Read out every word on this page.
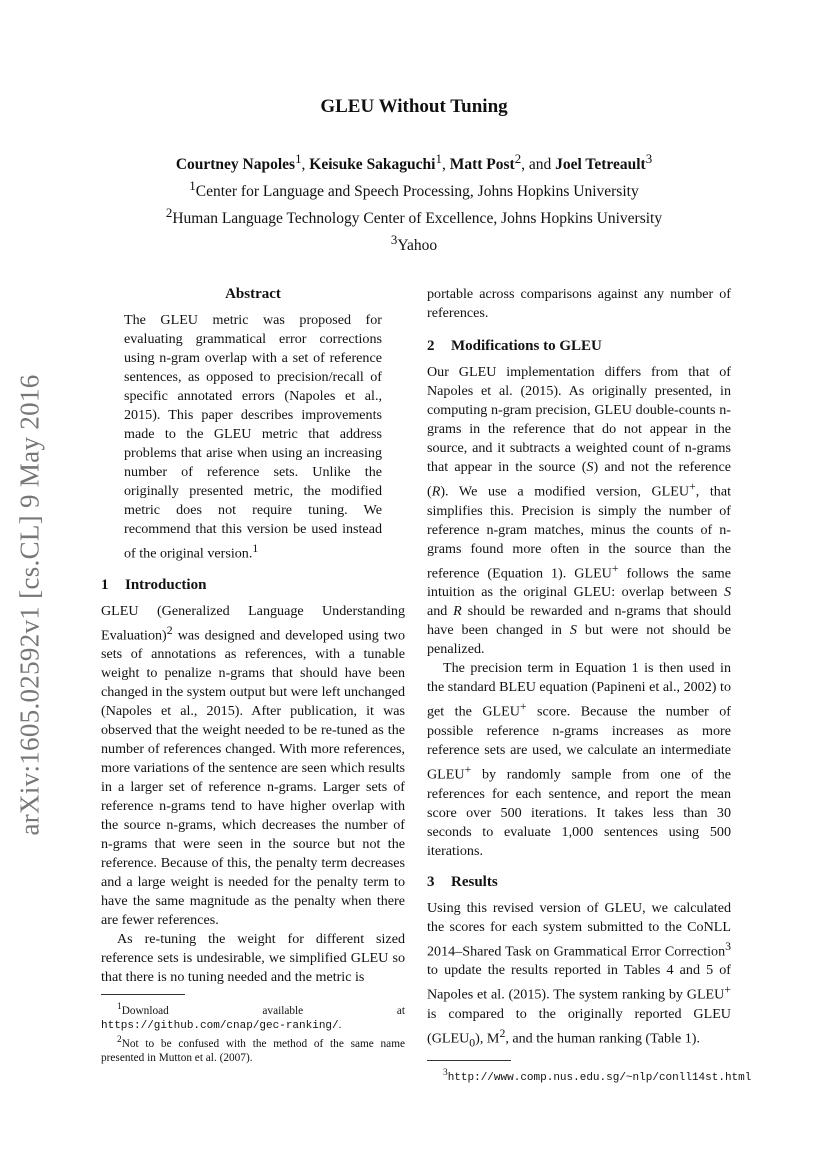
arXiv:1605.02592v1 [cs.CL] 9 May 2016
GLEU Without Tuning
Courtney Napoles$^1$, Keisuke Sakaguchi$^1$, Matt Post$^2$, and Joel Tetreault$^3$
$^1$Center for Language and Speech Processing, Johns Hopkins University
$^2$Human Language Technology Center of Excellence, Johns Hopkins University
$^3$Yahoo
Abstract

The GLEU metric was proposed for evaluating grammatical error corrections using n-gram overlap with a set of reference sentences, as opposed to precision/recall of specific annotated errors (Napoles et al., 2015). This paper describes improvements made to the GLEU metric that address problems that arise when using an increasing number of reference sets. Unlike the originally presented metric, the modified metric does not require tuning. We recommend that this version be used instead of the original version.$^1$

1 Introduction

GLEU (Generalized Language Understanding Evaluation)$^2$ was designed and developed using two sets of annotations as references, with a tunable weight to penalize n-grams that should have been changed in the system output but were left unchanged (Napoles et al., 2015). After publication, it was observed that the weight needed to be re-tuned as the number of references changed. With more references, more variations of the sentence are seen which results in a larger set of reference n-grams. Larger sets of reference n-grams tend to have higher overlap with the source n-grams, which decreases the number of n-grams that were seen in the source but not the reference. Because of this, the penalty term decreases and a large weight is needed for the penalty term to have the same magnitude as the penalty when there are fewer references.

As re-tuning the weight for different sized reference sets is undesirable, we simplified GLEU so that there is no tuning needed and the metric is

$^1$Download available at https://github.com/cnap/gec-ranking/.

$^2$Not to be confused with the method of the same name presented in Mutton et al. (2007).

portable across comparisons against any number of references.

2 Modifications to GLEU

Our GLEU implementation differs from that of Napoles et al. (2015). As originally presented, in computing n-gram precision, GLEU double-counts n-grams in the reference that do not appear in the source, and it subtracts a weighted count of n-grams that appear in the source (S) and not the reference (R). We use a modified version, GLEU+, that simplifies this. Precision is simply the number of reference n-gram matches, minus the counts of n-grams found more often in the source than the reference (Equation 1). GLEU+ follows the same intuition as the original GLEU: overlap between S and R should be rewarded and n-grams that should have been changed in S but were not should be penalized.

The precision term in Equation 1 is then used in the standard BLEU equation (Papineni et al., 2002) to get the GLEU+ score. Because the number of possible reference n-grams increases as more reference sets are used, we calculate an intermediate GLEU+ by randomly sample from one of the references for each sentence, and report the mean score over 500 iterations. It takes less than 30 seconds to evaluate 1,000 sentences using 500 iterations.

3 Results

Using this revised version of GLEU, we calculated the scores for each system submitted to the CoNLL 2014–Shared Task on Grammatical Error Correction$^3$ to update the results reported in Tables 4 and 5 of Napoles et al. (2015). The system ranking by GLEU+ is compared to the originally reported GLEU $(GLEU_0)$, $M^2$, and the human ranking (Table 1).

$^3$http://www.comp.nus.edu.sg/~nlp/conll14st.html
